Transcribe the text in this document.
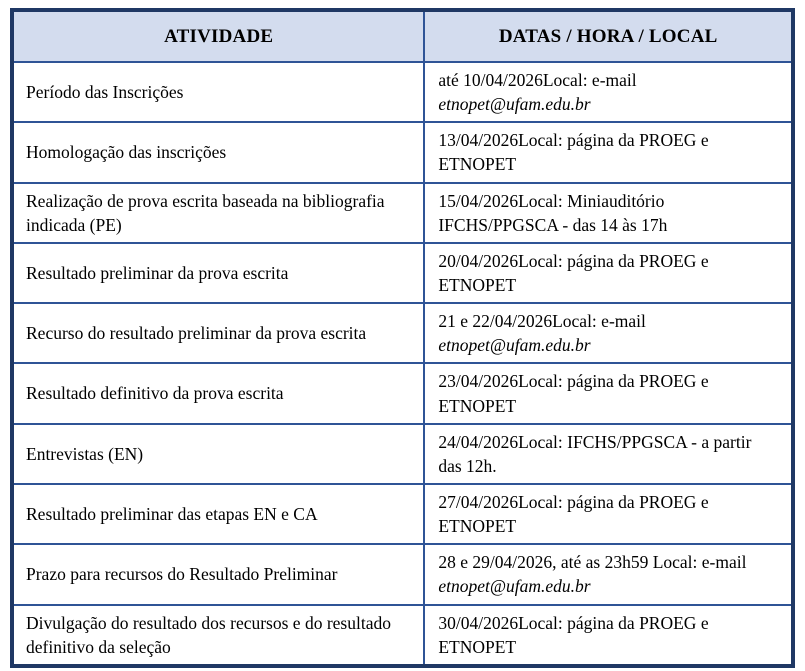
ATIVIDADE	DATAS / HORA / LOCAL
Período das Inscrições	até 10/04/2026Local: e-mail etnopet@ufam.edu.br
Homologação das inscrições	13/04/2026Local: página da PROEG e ETNOPET
Realização de prova escrita baseada na bibliografia indicada (PE)	15/04/2026Local: Miniauditório IFCHS/PPGSCA - das 14 às 17h
Resultado preliminar da prova escrita	20/04/2026Local: página da PROEG e ETNOPET
Recurso do resultado preliminar da prova escrita	21 e 22/04/2026Local: e-mail etnopet@ufam.edu.br
Resultado definitivo da prova escrita	23/04/2026Local: página da PROEG e ETNOPET
Entrevistas (EN)	24/04/2026Local: IFCHS/PPGSCA - a partir das 12h.
Resultado preliminar das etapas EN e CA	27/04/2026Local: página da PROEG e ETNOPET
Prazo para recursos do Resultado Preliminar	28 e 29/04/2026, até as 23h59 Local: e-mail etnopet@ufam.edu.br
Divulgação do resultado dos recursos e do resultado definitivo da seleção	30/04/2026Local: página da PROEG e ETNOPET
